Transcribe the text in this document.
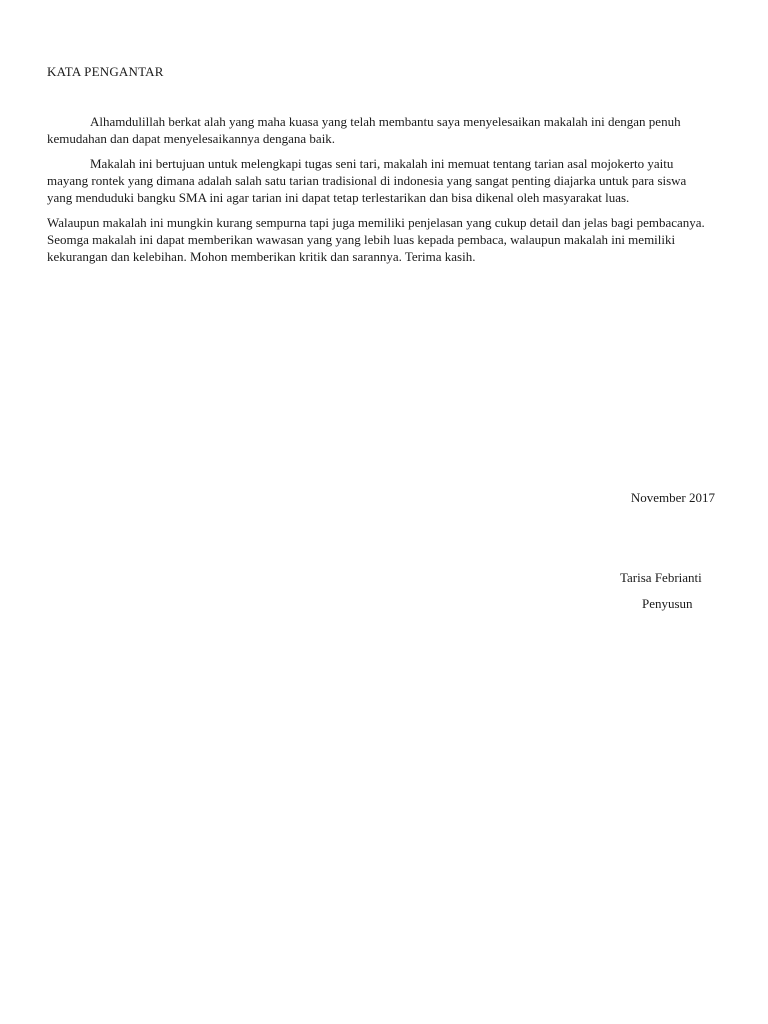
KATA PENGANTAR

Alhamdulillah berkat alah yang maha kuasa yang telah membantu saya menyelesaikan makalah ini dengan penuh kemudahan dan dapat menyelesaikannya dengana baik.

Makalah ini bertujuan untuk melengkapi tugas seni tari, makalah ini memuat tentang tarian asal mojokerto yaitu mayang rontek yang dimana adalah salah satu tarian tradisional di indonesia yang sangat penting diajarka untuk para siswa yang menduduki bangku SMA ini agar tarian ini dapat tetap terlestarikan dan bisa dikenal oleh masyarakat luas.

Walaupun makalah ini mungkin kurang sempurna tapi juga memiliki penjelasan yang cukup detail dan jelas bagi pembacanya. Seomga makalah ini dapat memberikan wawasan yang yang lebih luas kepada pembaca, walaupun makalah ini memiliki kekurangan dan kelebihan. Mohon memberikan kritik dan sarannya. Terima kasih.

November 2017
Tarisa Febrianti
Penyusun
